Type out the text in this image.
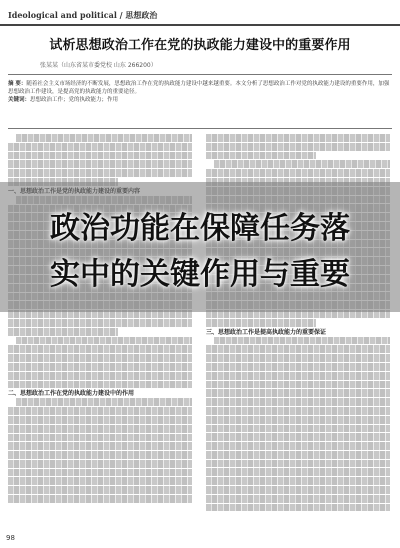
Ideological and political / 思想政治
试析思想政治工作在党的执政能力建设中的重要作用
张某某（山东省某市委党校 山东 266200）
摘 要：随着社会主义市场经济的不断发展，思想政治工作在党的执政能力建设中越来越重要。本文分析了思想政治工作对党的执政能力建设的重要作用，加强思想政治工作建设，是提高党的执政能力的重要途径。
关键词：思想政治工作；党的执政能力；作用
二、思想政治工作在党的执政能力建设中的作用
三、思想政治工作是提高执政能力的重要保证
政治功能在保障任务落
实中的关键作用与重要
98
